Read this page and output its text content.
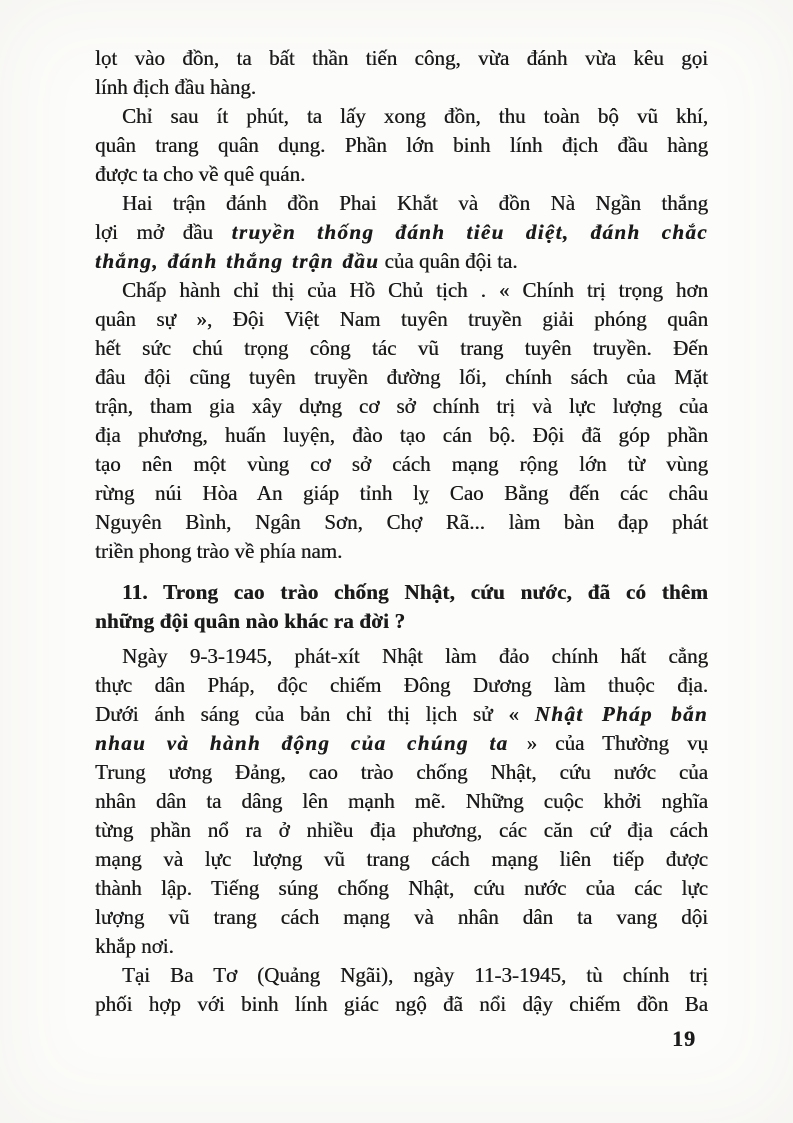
lọt vào đồn, ta bất thần tiến công, vừa đánh vừa kêu gọi
lính địch đầu hàng.
Chỉ sau ít phút, ta lấy xong đồn, thu toàn bộ vũ khí,
quân trang quân dụng. Phần lớn binh lính địch đầu hàng
được ta cho về quê quán.
Hai trận đánh đồn Phai Khắt và đồn Nà Ngần thắng
lợi mở đầu truyền thống đánh tiêu diệt, đánh chắc
thắng, đánh thắng trận đầu của quân đội ta.
Chấp hành chỉ thị của Hồ Chủ tịch . « Chính trị trọng hơn
quân sự », Đội Việt Nam tuyên truyền giải phóng quân
hết sức chú trọng công tác vũ trang tuyên truyền. Đến
đâu đội cũng tuyên truyền đường lối, chính sách của Mặt
trận, tham gia xây dựng cơ sở chính trị và lực lượng của
địa phương, huấn luyện, đào tạo cán bộ. Đội đã góp phần
tạo nên một vùng cơ sở cách mạng rộng lớn từ vùng
rừng núi Hòa An giáp tỉnh lỵ Cao Bằng đến các châu
Nguyên Bình, Ngân Sơn, Chợ Rã... làm bàn đạp phát
triền phong trào về phía nam.
11. Trong cao trào chống Nhật, cứu nước, đã có thêm
những đội quân nào khác ra đời ?
Ngày 9-3-1945, phát-xít Nhật làm đảo chính hất cẳng
thực dân Pháp, độc chiếm Đông Dương làm thuộc địa.
Dưới ánh sáng của bản chỉ thị lịch sử « Nhật Pháp bắn
nhau và hành động của chúng ta » của Thường vụ
Trung ương Đảng, cao trào chống Nhật, cứu nước của
nhân dân ta dâng lên mạnh mẽ. Những cuộc khởi nghĩa
từng phần nổ ra ở nhiều địa phương, các căn cứ địa cách
mạng và lực lượng vũ trang cách mạng liên tiếp được
thành lập. Tiếng súng chống Nhật, cứu nước của các lực
lượng vũ trang cách mạng và nhân dân ta vang dội
khắp nơi.
Tại Ba Tơ (Quảng Ngãi), ngày 11-3-1945, tù chính trị
phối hợp với binh lính giác ngộ đã nổi dậy chiếm đồn Ba
19
